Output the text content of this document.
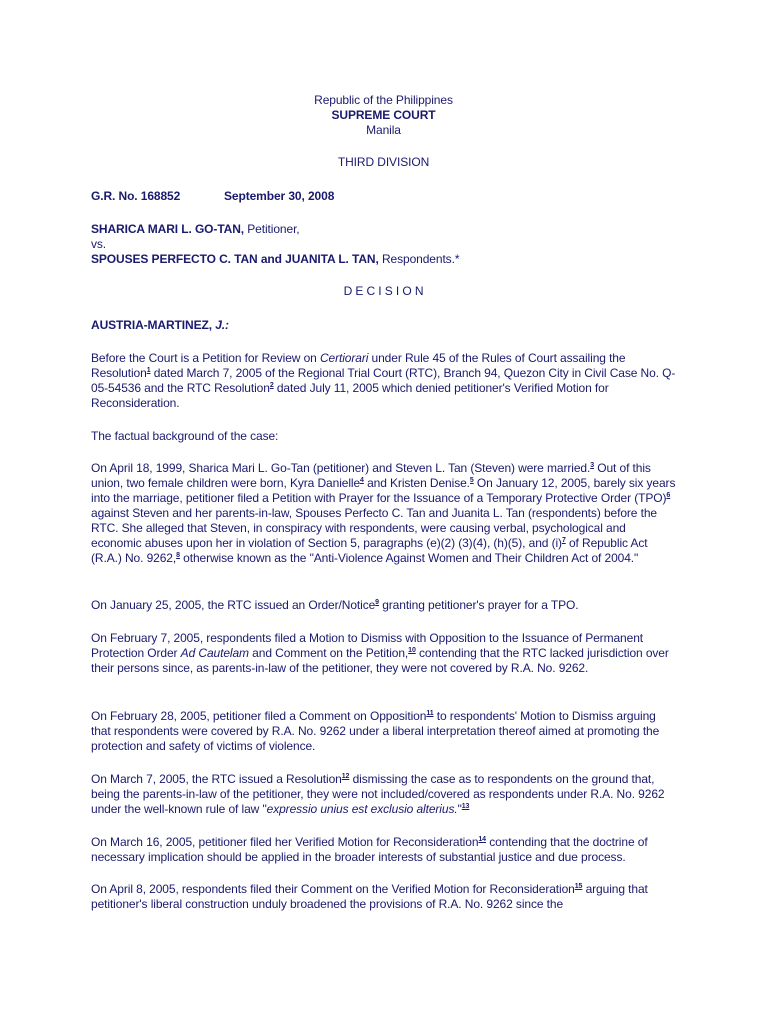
Republic of the Philippines
SUPREME COURT
Manila
THIRD DIVISION
G.R. No. 168852	September 30, 2008
SHARICA MARI L. GO-TAN, Petitioner,
vs.
SPOUSES PERFECTO C. TAN and JUANITA L. TAN, Respondents.*
D E C I S I O N
AUSTRIA-MARTINEZ, J.:

Before the Court is a Petition for Review on Certiorari under Rule 45 of the Rules of Court assailing the Resolution$^1$ dated March 7, 2005 of the Regional Trial Court (RTC), Branch 94, Quezon City in Civil Case No. Q-05-54536 and the RTC Resolution$^2$ dated July 11, 2005 which denied petitioner's Verified Motion for Reconsideration.

The factual background of the case:

On April 18, 1999, Sharica Mari L. Go-Tan (petitioner) and Steven L. Tan (Steven) were married.$^3$ Out of this union, two female children were born, Kyra Danielle$^4$ and Kristen Denise.$^5$ On January 12, 2005, barely six years into the marriage, petitioner filed a Petition with Prayer for the Issuance of a Temporary Protective Order (TPO)$^6$ against Steven and her parents-in-law, Spouses Perfecto C. Tan and Juanita L. Tan (respondents) before the RTC. She alleged that Steven, in conspiracy with respondents, were causing verbal, psychological and economic abuses upon her in violation of Section 5, paragraphs (e)(2) (3)(4), (h)(5), and $(i)^7$ of Republic Act (R.A.) No. 9262,$^8$ otherwise known as the "Anti-Violence Against Women and Their Children Act of 2004."

On January 25, 2005, the RTC issued an Order/Notice$^9$ granting petitioner's prayer for a TPO.

On February 7, 2005, respondents filed a Motion to Dismiss with Opposition to the Issuance of Permanent Protection Order Ad Cautelam and Comment on the Petition,$^{10}$ contending that the RTC lacked jurisdiction over their persons since, as parents-in-law of the petitioner, they were not covered by R.A. No. 9262.

On February 28, 2005, petitioner filed a Comment on Opposition$^{11}$ to respondents' Motion to Dismiss arguing that respondents were covered by R.A. No. 9262 under a liberal interpretation thereof aimed at promoting the protection and safety of victims of violence.

On March 7, 2005, the RTC issued a Resolution$^{12}$ dismissing the case as to respondents on the ground that, being the parents-in-law of the petitioner, they were not included/covered as respondents under R.A. No. 9262 under the well-known rule of law "expressio unius est exclusio alterius."$^{13}$

On March 16, 2005, petitioner filed her Verified Motion for Reconsideration$^{14}$ contending that the doctrine of necessary implication should be applied in the broader interests of substantial justice and due process.

On April 8, 2005, respondents filed their Comment on the Verified Motion for Reconsideration$^{15}$ arguing that petitioner's liberal construction unduly broadened the provisions of R.A. No. 9262 since the
